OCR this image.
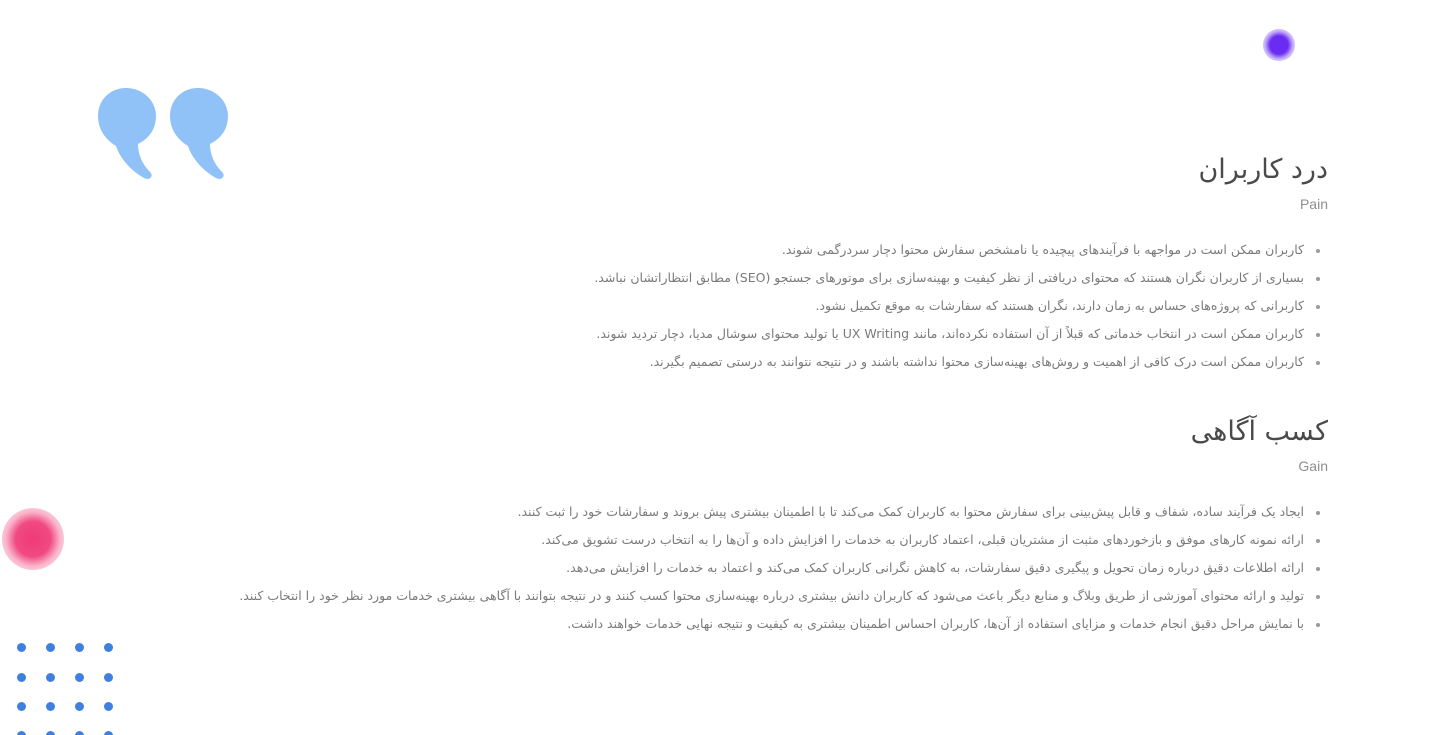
درد کاربران
Pain
کاربران ممکن است در مواجهه با فرآیندهای پیچیده یا نامشخص سفارش محتوا دچار سردرگمی شوند.
بسیاری از کاربران نگران هستند که محتوای دریافتی از نظر کیفیت و بهینه‌سازی برای موتورهای جستجو (SEO) مطابق انتظاراتشان نباشد.
کاربرانی که پروژه‌های حساس به زمان دارند، نگران هستند که سفارشات به موقع تکمیل نشود.
کاربران ممکن است در انتخاب خدماتی که قبلاً از آن استفاده نکرده‌اند، مانند UX Writing یا تولید محتوای سوشال مدیا، دچار تردید شوند.
کاربران ممکن است درک کافی از اهمیت و روش‌های بهینه‌سازی محتوا نداشته باشند و در نتیجه نتوانند به درستی تصمیم بگیرند.
کسب آگاهی
Gain
ایجاد یک فرآیند ساده، شفاف و قابل پیش‌بینی برای سفارش محتوا به کاربران کمک می‌کند تا با اطمینان بیشتری پیش بروند و سفارشات خود را ثبت کنند.
ارائه نمونه کارهای موفق و بازخوردهای مثبت از مشتریان قبلی، اعتماد کاربران به خدمات را افزایش داده و آن‌ها را به انتخاب درست تشویق می‌کند.
ارائه اطلاعات دقیق درباره زمان تحویل و پیگیری دقیق سفارشات، به کاهش نگرانی کاربران کمک می‌کند و اعتماد به خدمات را افزایش می‌دهد.
تولید و ارائه محتوای آموزشی از طریق وبلاگ و منابع دیگر باعث می‌شود که کاربران دانش بیشتری درباره بهینه‌سازی محتوا کسب کنند و در نتیجه بتوانند با آگاهی بیشتری خدمات مورد نظر خود را انتخاب کنند.
با نمایش مراحل دقیق انجام خدمات و مزایای استفاده از آن‌ها، کاربران احساس اطمینان بیشتری به کیفیت و نتیجه نهایی خدمات خواهند داشت.
